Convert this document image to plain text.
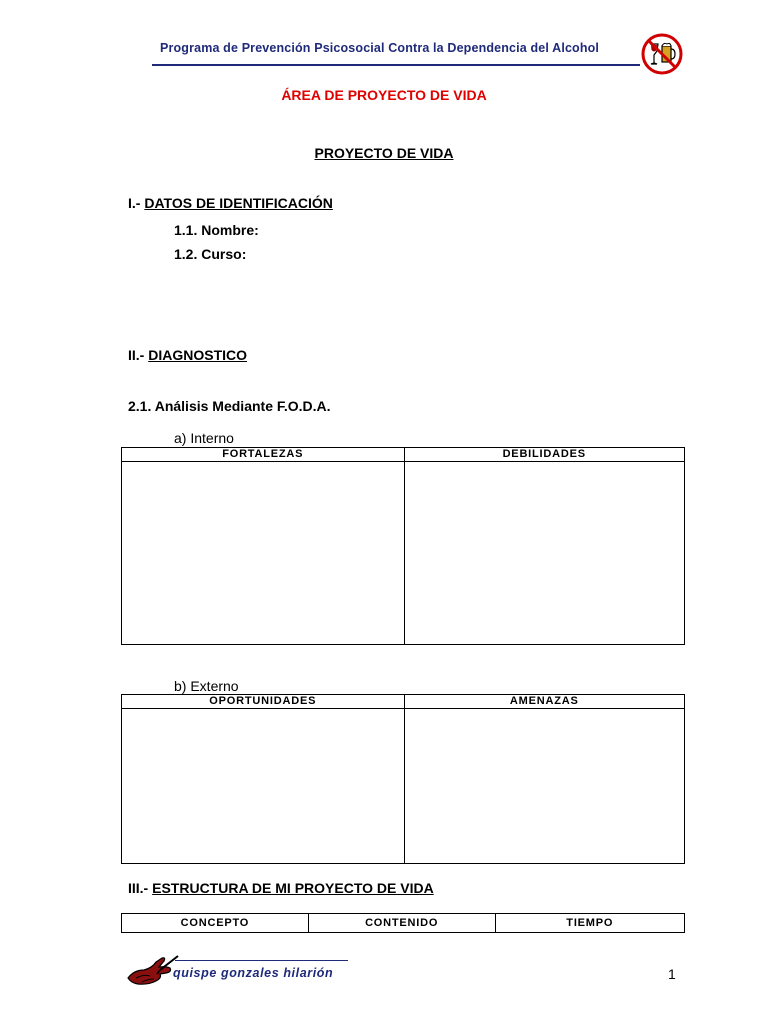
Programa de Prevención Psicosocial Contra la Dependencia del Alcohol
ÁREA DE PROYECTO DE VIDA
PROYECTO DE VIDA
I.- DATOS DE IDENTIFICACIÓN
1.1. Nombre:
1.2. Curso:
II.- DIAGNOSTICO
2.1. Análisis Mediante F.O.D.A.
a) Interno
FORTALEZAS	DEBILIDADES

b) Externo
OPORTUNIDADES	AMENAZAS

III.- ESTRUCTURA DE MI PROYECTO DE VIDA
CONCEPTO	CONTENIDO	TIEMPO
quispe gonzales hilarión	1
